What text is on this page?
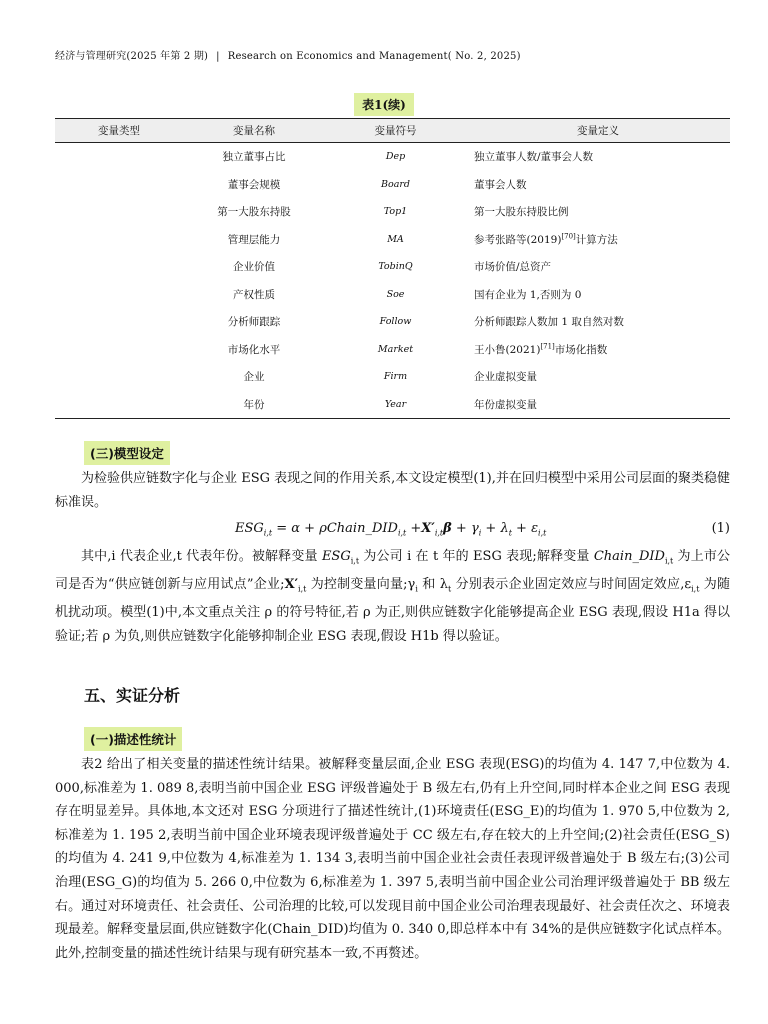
经济与管理研究(2025 年第 2 期) | Research on Economics and Management( No. 2, 2025)
表1(续)
变量类型	变量名称	变量符号	变量定义
	独立董事占比	Dep	独立董事人数/董事会人数
	董事会规模	Board	董事会人数
	第一大股东持股	Top1	第一大股东持股比例
	管理层能力	MA	参考张路等(2019)[70]计算方法
	企业价值	TobinQ	市场价值/总资产
	产权性质	Soe	国有企业为 1,否则为 0
	分析师跟踪	Follow	分析师跟踪人数加 1 取自然对数
	市场化水平	Market	王小鲁(2021)[71]市场化指数
	企业	Firm	企业虚拟变量
	年份	Year	年份虚拟变量
(三)模型设定

为检验供应链数字化与企业 ESG 表现之间的作用关系,本文设定模型(1),并在回归模型中采用公司层面的聚类稳健标准误。

$ESG_{i,t} = \alpha$ + $\rho Chain\_DID_{i,t} +X'_{i,t}\beta + \gamma_i + \lambda_t + \varepsilon_{i,t}$	(1)

其中,i 代表企业,t 代表年份。被解释变量 $ESG_{i,t}$ 为公司 i 在 t 年的 ESG 表现;解释变量 $Chain\_DID_{i,t}$ 为上市公司是否为“供应链创新与应用试点”企业$;X'_{i,t}$ 为控制变量向量$;\gamma_i$ 和 $\lambda_t$ 分别表示企业固定效应与时间固定效应$,\varepsilon_{i,t}$ 为随机扰动项。模型(1)中,本文重点关注 ρ 的符号特征,若 ρ 为正,则供应链数字化能够提高企业 ESG 表现,假设 H1a 得以验证;若 ρ 为负,则供应链数字化能够抑制企业 ESG 表现,假设 H1b 得以验证。

五、实证分析
(一)描述性统计

表2 给出了相关变量的描述性统计结果。被解释变量层面,企业 ESG 表现(ESG)的均值为 4. 147 7,中位数为 4. 000,标准差为 1. 089 8,表明当前中国企业 ESG 评级普遍处于 B 级左右,仍有上升空间,同时样本企业之间 ESG 表现存在明显差异。具体地,本文还对 ESG 分项进行了描述性统计,(1)环境责任(ESG_E)的均值为 1. 970 5,中位数为 2,标准差为 1. 195 2,表明当前中国企业环境表现评级普遍处于 CC 级左右,存在较大的上升空间;(2)社会责任(ESG_S)的均值为 4. 241 9,中位数为 4,标准差为 1. 134 3,表明当前中国企业社会责任表现评级普遍处于 B 级左右;(3)公司治理(ESG_G)的均值为 5. 266 0,中位数为 6,标准差为 1. 397 5,表明当前中国企业公司治理评级普遍处于 BB 级左右。通过对环境责任、社会责任、公司治理的比较,可以发现目前中国企业公司治理表现最好、社会责任次之、环境表现最差。解释变量层面,供应链数字化(Chain_DID)均值为 0. 340 0,即总样本中有 34%的是供应链数字化试点样本。此外,控制变量的描述性统计结果与现有研究基本一致,不再赘述。
